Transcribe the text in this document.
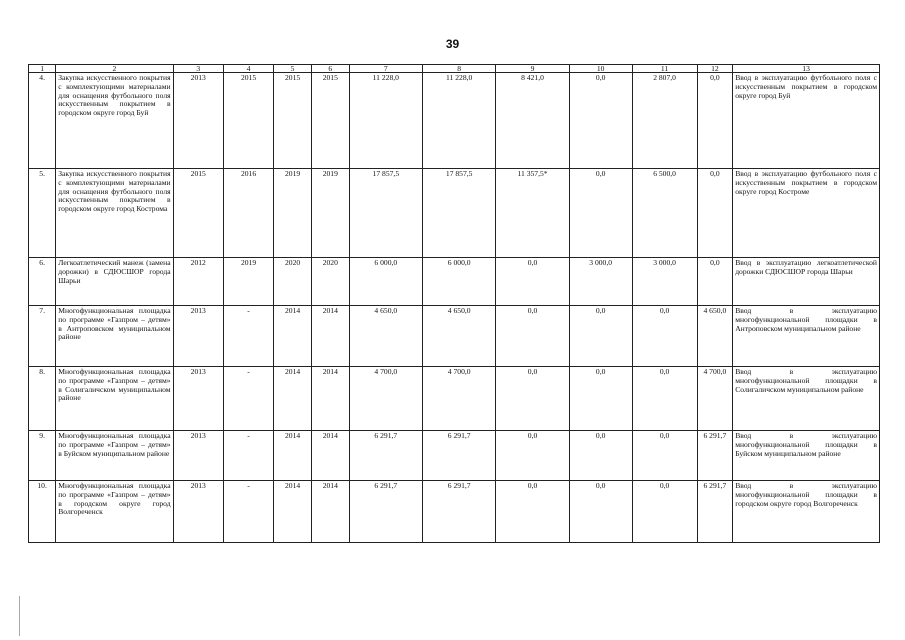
39
1	2	3	4	5	6	7	8	9	10	11	12	13
4.	Закупка искусственного покрытия с комплектующими материалами для оснащения футбольного поля искусственным покрытием в городском округе город Буй	2013	2015	2015	2015	11 228,0	11 228,0	8 421,0	0,0	2 807,0	0,0	Ввод в эксплуатацию футбольного поля с искусственным покрытием в городском округе город Буй
5.	Закупка искусственного покрытия с комплектующими материалами для оснащения футбольного поля искусственным покрытием в городском округе город Кострома	2015	2016	2019	2019	17 857,5	17 857,5	11 357,5*	0,0	6 500,0	0,0	Ввод в эксплуатацию футбольного поля с искусственным покрытием в городском округе город Костроме
6.	Легкоатлетический манеж (замена дорожки) в СДЮСШОР города Шарьи	2012	2019	2020	2020	6 000,0	6 000,0	0,0	3 000,0	3 000,0	0,0	Ввод в эксплуатацию легкоатлетической дорожки СДЮСШОР города Шарьи
7.	Многофункциональная площадка по программе «Газпром – детям» в Антроповском муниципальном районе	2013	-	2014	2014	4 650,0	4 650,0	0,0	0,0	0,0	4 650,0	Ввод в эксплуатацию многофункциональной площадки в Антроповском муниципальном районе
8.	Многофункциональная площадка по программе «Газпром – детям» в Солигаличском муниципальном районе	2013	-	2014	2014	4 700,0	4 700,0	0,0	0,0	0,0	4 700,0	Ввод в эксплуатацию многофункциональной площадки в Солигаличском муниципальном районе
9.	Многофункциональная площадка по программе «Газпром – детям» в Буйском муниципальном районе	2013	-	2014	2014	6 291,7	6 291,7	0,0	0,0	0,0	6 291,7	Ввод в эксплуатацию многофункциональной площадки в Буйском муниципальном районе
10.	Многофункциональная площадка по программе «Газпром – детям» в городском округе город Волгореченск	2013	-	2014	2014	6 291,7	6 291,7	0,0	0,0	0,0	6 291,7	Ввод в эксплуатацию многофункциональной площадки в городском округе город Волгореченск
